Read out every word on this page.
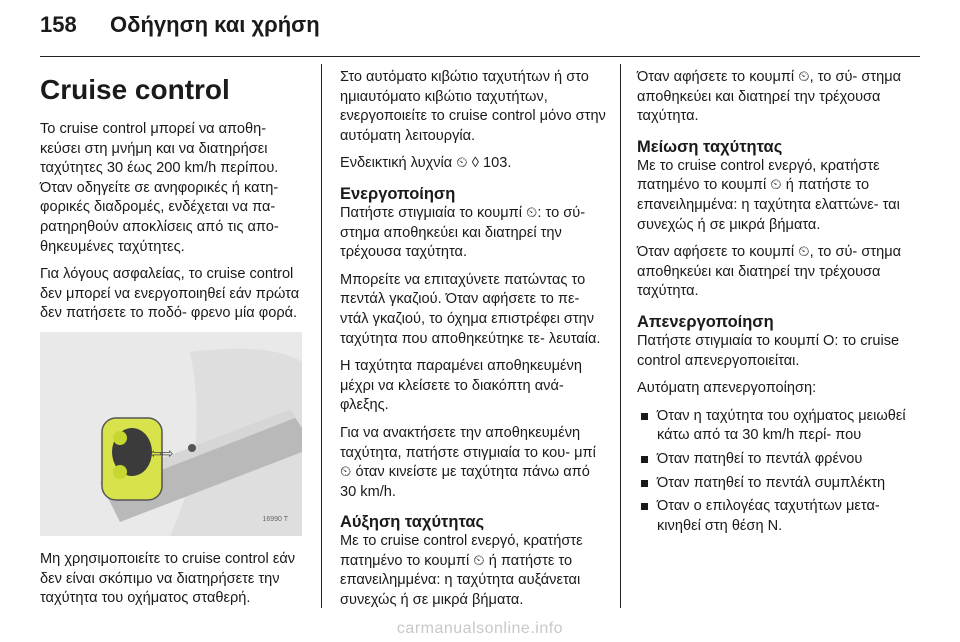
158 Οδήγηση και χρήση
Cruise control

Το cruise control μπορεί να αποθη‐ κεύσει στη μνήμη και να διατηρήσει ταχύτητες 30 έως 200 km/h περίπου. Όταν οδηγείτε σε ανηφορικές ή κατη‐ φορικές διαδρομές, ενδέχεται να πα‐ ρατηρηθούν αποκλίσεις από τις απο‐ θηκευμένες ταχύτητες.

Για λόγους ασφαλείας, το cruise control δεν μπορεί να ενεργοποιηθεί εάν πρώτα δεν πατήσετε το ποδό‐ φρενο μία φορά.

⇦⇨
16990 T

Μη χρησιμοποιείτε το cruise control εάν δεν είναι σκόπιμο να διατηρήσετε την ταχύτητα του οχήματος σταθερή.

Στο αυτόματο κιβώτιο ταχυτήτων ή στο ημιαυτόματο κιβώτιο ταχυτήτων, ενεργοποιείτε το cruise control μόνο στην αυτόματη λειτουργία.

Ενδεικτική λυχνία ⏲ ◊ 103.

Ενεργοποίηση

Πατήστε στιγμιαία το κουμπί ⏲: το σύ‐ στημα αποθηκεύει και διατηρεί την τρέχουσα ταχύτητα.

Μπορείτε να επιταχύνετε πατώντας το πεντάλ γκαζιού. Όταν αφήσετε το πε‐ ντάλ γκαζιού, το όχημα επιστρέφει στην ταχύτητα που αποθηκεύτηκε τε‐ λευταία.

Η ταχύτητα παραμένει αποθηκευμένη μέχρι να κλείσετε το διακόπτη ανά‐ φλεξης.

Για να ανακτήσετε την αποθηκευμένη ταχύτητα, πατήστε στιγμιαία το κου‐ μπί ⏲ όταν κινείστε με ταχύτητα πάνω από 30 km/h.

Αύξηση ταχύτητας

Με το cruise control ενεργό, κρατήστε πατημένο το κουμπί ⏲ ή πατήστε το επανειλημμένα: η ταχύτητα αυξάνεται συνεχώς ή σε μικρά βήματα.

Όταν αφήσετε το κουμπί ⏲, το σύ‐ στημα αποθηκεύει και διατηρεί την τρέχουσα ταχύτητα.

Μείωση ταχύτητας

Με το cruise control ενεργό, κρατήστε πατημένο το κουμπί ⏲ ή πατήστε το επανειλημμένα: η ταχύτητα ελαττώνε‐ ται συνεχώς ή σε μικρά βήματα.

Όταν αφήσετε το κουμπί ⏲, το σύ‐ στημα αποθηκεύει και διατηρεί την τρέχουσα ταχύτητα.

Απενεργοποίηση

Πατήστε στιγμιαία το κουμπί O: το cruise control απενεργοποιείται.

Αυτόματη απενεργοποίηση:

Όταν η ταχύτητα του οχήματος μειωθεί κάτω από τα 30 km/h περί‐ που
Όταν πατηθεί το πεντάλ φρένου
Όταν πατηθεί το πεντάλ συμπλέκτη
Όταν ο επιλογέας ταχυτήτων μετα‐ κινηθεί στη θέση N.
carmanualsonline.info
